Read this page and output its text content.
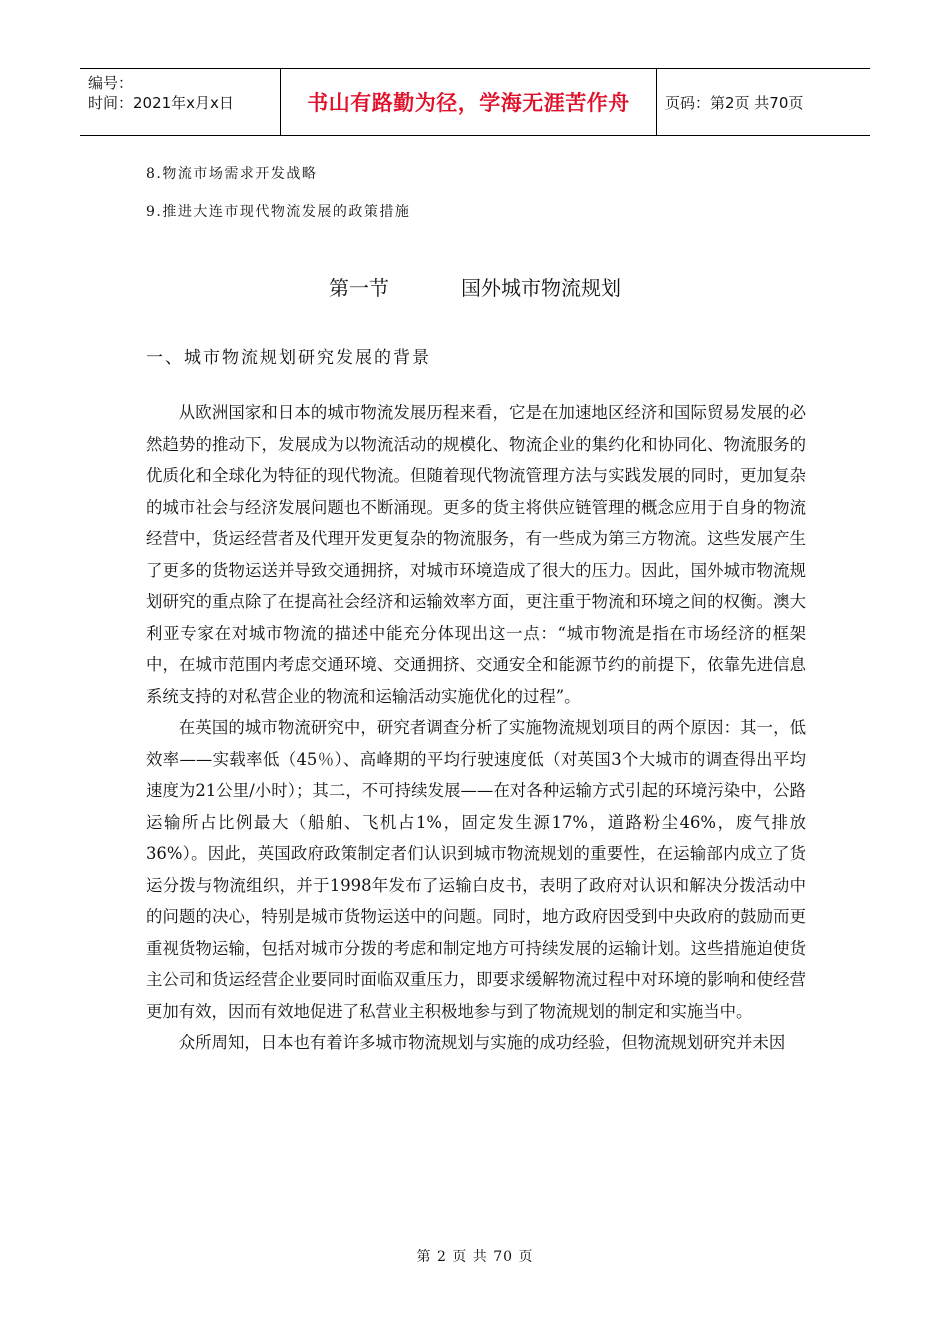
编号：
时间：2021年x月x日	书山有路勤为径，学海无涯苦作舟	页码：第2页 共70页
8.物流市场需求开发战略
9.推进大连市现代物流发展的政策措施
第一节	国外城市物流规划
一、城市物流规划研究发展的背景

从欧洲国家和日本的城市物流发展历程来看，它是在加速地区经济和国际贸易发展的必然趋势的推动下，发展成为以物流活动的规模化、物流企业的集约化和协同化、物流服务的优质化和全球化为特征的现代物流。但随着现代物流管理方法与实践发展的同时，更加复杂的城市社会与经济发展问题也不断涌现。更多的货主将供应链管理的概念应用于自身的物流经营中，货运经营者及代理开发更复杂的物流服务，有一些成为第三方物流。这些发展产生了更多的货物运送并导致交通拥挤，对城市环境造成了很大的压力。因此，国外城市物流规划研究的重点除了在提高社会经济和运输效率方面，更注重于物流和环境之间的权衡。澳大利亚专家在对城市物流的描述中能充分体现出这一点：“城市物流是指在市场经济的框架中，在城市范围内考虑交通环境、交通拥挤、交通安全和能源节约的前提下，依靠先进信息系统支持的对私营企业的物流和运输活动实施优化的过程”。

在英国的城市物流研究中，研究者调查分析了实施物流规划项目的两个原因：其一，低效率——实载率低（45％）、高峰期的平均行驶速度低（对英国3个大城市的调查得出平均速度为21公里/小时）；其二，不可持续发展——在对各种运输方式引起的环境污染中，公路运输所占比例最大（船舶、飞机占1%，固定发生源17%，道路粉尘46%，废气排放36%）。因此，英国政府政策制定者们认识到城市物流规划的重要性，在运输部内成立了货运分拨与物流组织，并于1998年发布了运输白皮书，表明了政府对认识和解决分拨活动中的问题的决心，特别是城市货物运送中的问题。同时，地方政府因受到中央政府的鼓励而更重视货物运输，包括对城市分拨的考虑和制定地方可持续发展的运输计划。这些措施迫使货主公司和货运经营企业要同时面临双重压力，即要求缓解物流过程中对环境的影响和使经营更加有效，因而有效地促进了私营业主积极地参与到了物流规划的制定和实施当中。

众所周知，日本也有着许多城市物流规划与实施的成功经验，但物流规划研究并未因

第 2 页 共 70 页
